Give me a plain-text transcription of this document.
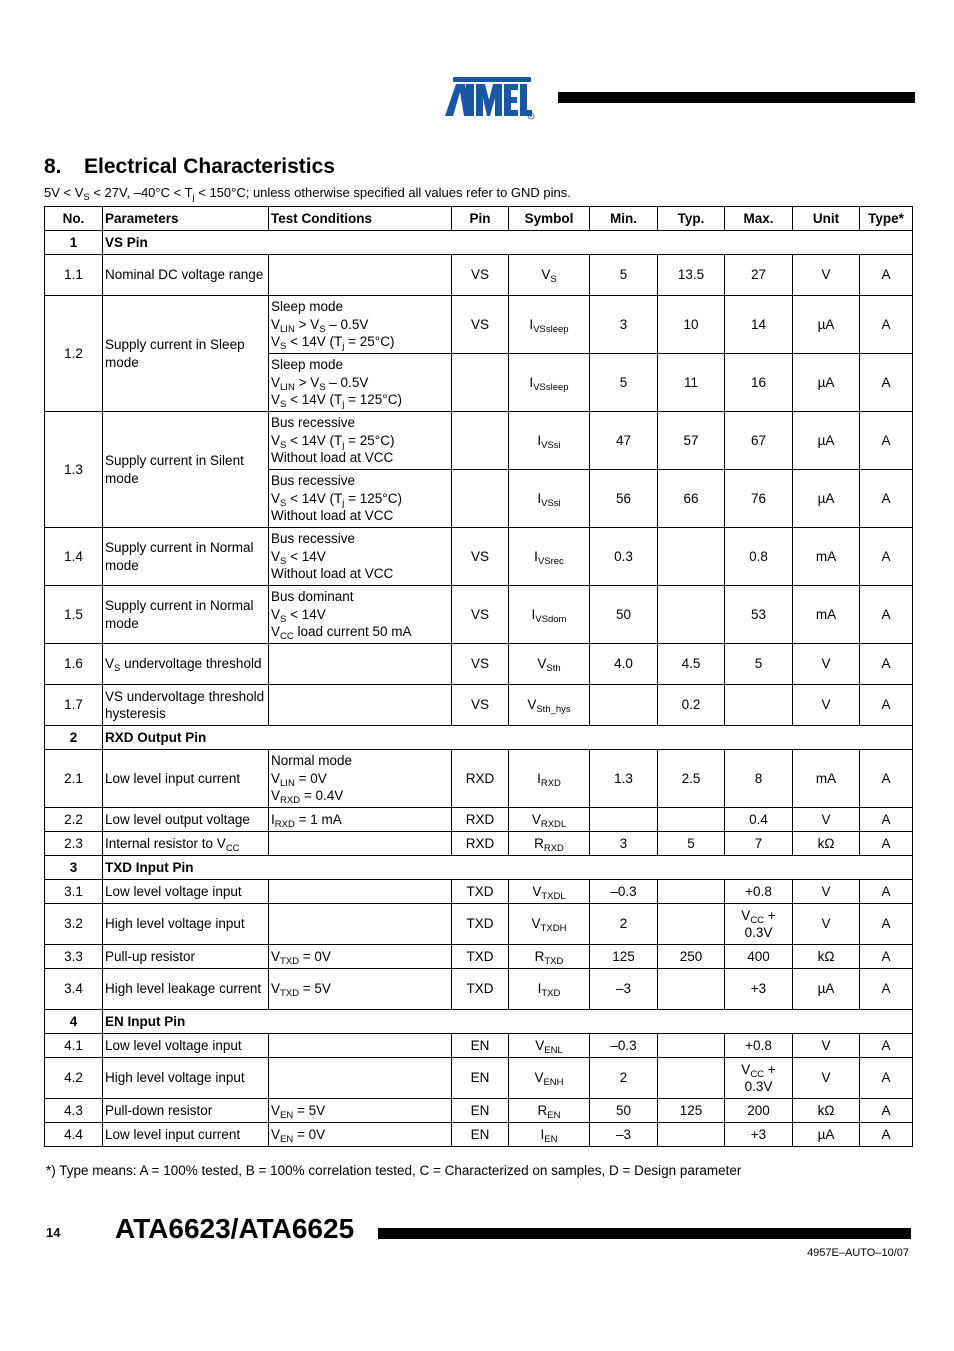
R
8. Electrical Characteristics
$5V < V_S < 27V$, $-40^\circ C < T_j < 150^\circ C$; unless otherwise specified all values refer to GND pins.
No.	Parameters	Test Conditions	Pin	Symbol	Min.	Typ.	Max.	Unit	Type*
1	VS Pin								
1.1	Nominal DC voltage range		VS	$V_S$	5	13.5	27	V	A
1.2	Supply current in Sleep mode	Sleep mode
$V_{LIN} > V_S - 0.5V$
$V_S < 14V$ $(T_j = 25^\circ C)$	VS	$I_{VSsleep}$	3	10	14	µA	A
		Sleep mode
$V_{LIN} > V_S - 0.5V$
$V_S < 14V$ $(T_j = 125^\circ C)$		$I_{VSsleep}$	5	11	16	µA	A
1.3	Supply current in Silent mode	Bus recessive
$V_S < 14V$ $(T_j = 25^\circ C)$
Without load at VCC		$I_{VSsi}$	47	57	67	µA	A
		Bus recessive
$V_S < 14V$ $(T_j = 125^\circ C)$
Without load at VCC		$I_{VSsi}$	56	66	76	µA	A
1.4	Supply current in Normal mode	Bus recessive
$V_S < 14V$
Without load at VCC	VS	$I_{VSrec}$	0.3		0.8	mA	A
1.5	Supply current in Normal mode	Bus dominant
$V_S < 14V$
$V_{CC}$ load current 50 mA	VS	$I_{VSdom}$	50		53	mA	A
1.6	$V_S$ undervoltage threshold		VS	$V_{Sth}$	4.0	4.5	5	V	A
1.7	VS undervoltage threshold hysteresis		VS	$V_{Sth\_hys}$		0.2		V	A
2	RXD Output Pin								
2.1	Low level input current	Normal mode
$V_{LIN} = 0V$
$V_{RXD} = 0.4V$	RXD	$I_{RXD}$	1.3	2.5	8	mA	A
2.2	Low level output voltage	$I_{RXD} = 1$ mA	RXD	$V_{RXDL}$			0.4	V	A
2.3	Internal resistor to $V_{CC}$		RXD	$R_{RXD}$	3	5	7	kΩ	A
3	TXD Input Pin								
3.1	Low level voltage input		TXD	$V_{TXDL}$	–0.3		+0.8	V	A
3.2	High level voltage input		TXD	$V_{TXDH}$	2		$V_{CC}$ +
0.3V	V	A
3.3	Pull-up resistor	$V_{TXD} = 0V$	TXD	$R_{TXD}$	125	250	400	kΩ	A
3.4	High level leakage current	$V_{TXD} = 5V$	TXD	$I_{TXD}$	–3		+3	µA	A
4	EN Input Pin								
4.1	Low level voltage input		EN	$V_{ENL}$	–0.3		+0.8	V	A
4.2	High level voltage input		EN	$V_{ENH}$	2		$V_{CC}$ +
0.3V	V	A
4.3	Pull-down resistor	$V_{EN} = 5V$	EN	$R_{EN}$	50	125	200	kΩ	A
4.4	Low level input current	$V_{EN} = 0V$	EN	$I_{EN}$	–3		+3	µA	A
*) Type means: A = 100% tested, B = 100% correlation tested, C = Characterized on samples, D = Design parameter
14 ATA6623/ATA6625
4957E–AUTO–10/07
